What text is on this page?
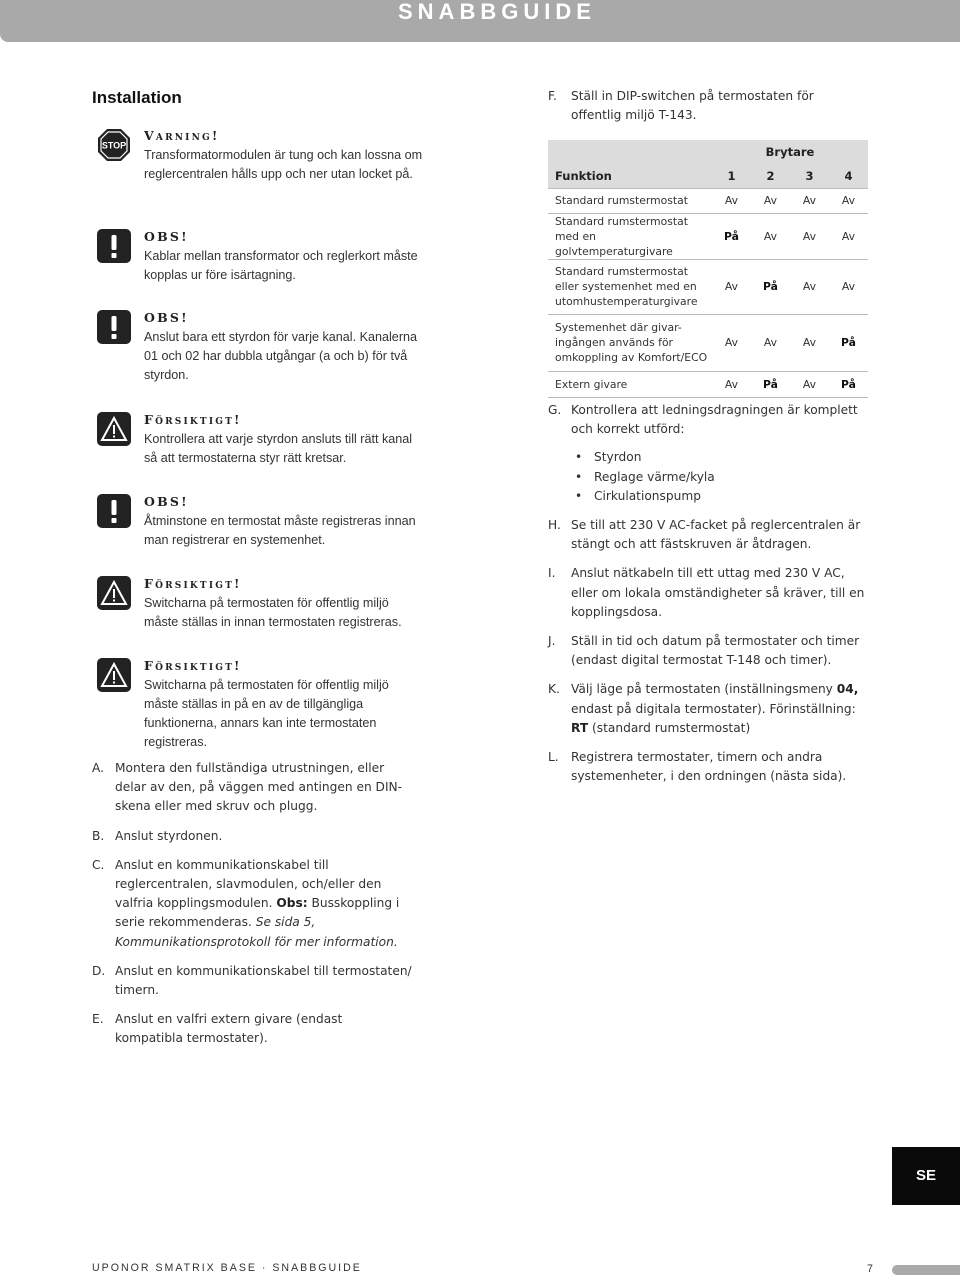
SNABBGUIDE
Installation
STOP
Varning!
Transformatormodulen är tung och kan lossna om reglercentralen hålls upp och ner utan locket på.
OBS!
Kablar mellan transformator och reglerkort måste kopplas ur före isärtagning.
OBS!
Anslut bara ett styrdon för varje kanal. Kanalerna 01 och 02 har dubbla utgångar (a och b) för två styrdon.
Försiktigt!
Kontrollera att varje styrdon ansluts till rätt kanal så att termostaterna styr rätt kretsar.
OBS!
Åtminstone en termostat måste registreras innan man registrerar en systemenhet.
Försiktigt!
Switcharna på termostaten för offentlig miljö måste ställas in innan termostaten registreras.
Försiktigt!
Switcharna på termostaten för offentlig miljö måste ställas in på en av de tillgängliga funktionerna, annars kan inte termostaten registreras.
A. Montera den fullständiga utrustningen, eller delar av den, på väggen med antingen en DIN-skena eller med skruv och plugg.
B. Anslut styrdonen.
C. Anslut en kommunikationskabel till reglercentralen, slavmodulen, och/eller den valfria kopplingsmodulen. Obs: Busskoppling i serie rekommenderas. Se sida 5, Kommunikationsprotokoll för mer information.
D. Anslut en kommunikationskabel till termostaten/ timern.
E. Anslut en valfri extern givare (endast kompatibla termostater).
F. Ställ in DIP-switchen på termostaten för offentlig miljö T-143.
		Brytare		
Funktion	1	2	3	4
Standard rumstermostat	Av	Av	Av	Av
Standard rumstermostat med en golvtemperaturgivare	På	Av	Av	Av
Standard rumstermostat eller systemenhet med en utomhustemperaturgivare	Av	På	Av	Av
Systemenhet där givar-ingången används för omkoppling av Komfort/ECO	Av	Av	Av	På
Extern givare	Av	På	Av	På
G. Kontrollera att ledningsdragningen är komplett och korrekt utförd:
• Styrdon
• Reglage värme/kyla
• Cirkulationspump
H. Se till att 230 V AC-facket på reglercentralen är stängt och att fästskruven är åtdragen.
I. Anslut nätkabeln till ett uttag med 230 V AC, eller om lokala omständigheter så kräver, till en kopplingsdosa.
J. Ställ in tid och datum på termostater och timer (endast digital termostat T-148 och timer).
K. Välj läge på termostaten (inställningsmeny 04, endast på digitala termostater). Förinställning: RT (standard rumstermostat)
L. Registrera termostater, timern och andra systemenheter, i den ordningen (nästa sida).
SE
UPONOR SMATRIX BASE · SNABBGUIDE	7
